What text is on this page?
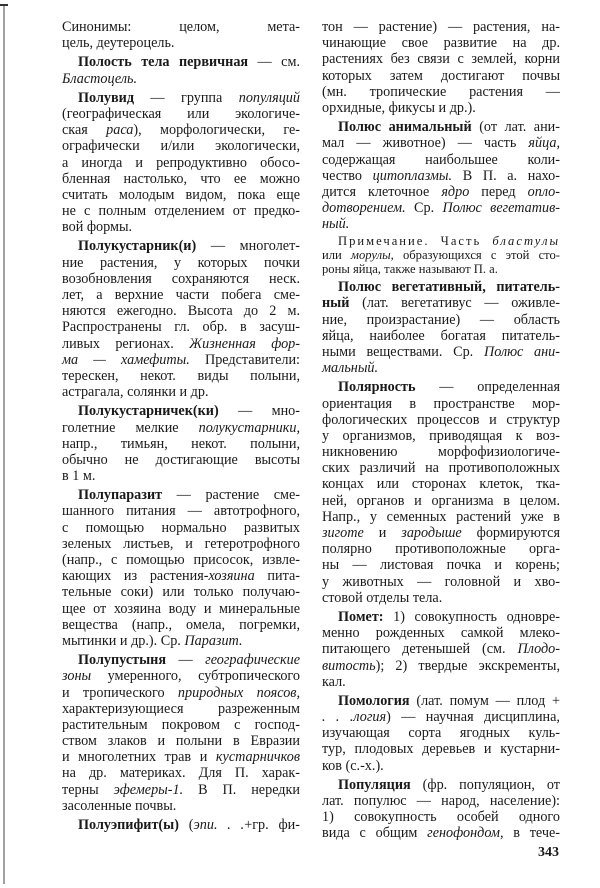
Синонимы: целом, мета-
цель, деутероцель.
Полость тела первичная — см.
Бластоцель.
Полувид — группа популяций
(географическая или экологиче-
ская раса), морфологически, ге-
ографически и/или экологически,
а иногда и репродуктивно обосо-
бленная настолько, что ее можно
считать молодым видом, пока еще
не с полным отделением от предко-
вой формы.
Полукустарник(и) — многолет-
ние растения, у которых почки
возобновления сохраняются неск.
лет, а верхние части побега сме-
няются ежегодно. Высота до 2 м.
Распространены гл. обр. в засуш-
ливых регионах. Жизненная фор-
ма — хамефиты. Представители:
терескен, некот. виды полыни,
астрагала, солянки и др.
Полукустарничек(ки) — мно-
голетние мелкие полукустарники,
напр., тимьян, некот. полыни,
обычно не достигающие высоты
в 1 м.
Полупаразит — растение сме-
шанного питания — автотрофного,
с помощью нормально развитых
зеленых листьев, и гетеротрофного
(напр., с помощью присосок, извле-
кающих из растения-хозяина пита-
тельные соки) или только получаю-
щее от хозяина воду и минеральные
вещества (напр., омела, погремки,
мытинки и др.). Ср. Паразит.
Полупустыня — географические
зоны умеренного, субтропического
и тропического природных поясов,
характеризующиеся разреженным
растительным покровом с господ-
ством злаков и полыни в Евразии
и многолетних трав и кустарничков
на др. материках. Для П. харак-
терны эфемеры-1. В П. нередки
засоленные почвы.
Полуэпифит(ы) (эпи. . .+гр. фи-
тон — растение) — растения, на-
чинающие свое развитие на др.
растениях без связи с землей, корни
которых затем достигают почвы
(мн. тропические растения —
орхидные, фикусы и др.).
Полюс анимальный (от лат. ани-
мал — животное) — часть яйца,
содержащая наибольшее коли-
чество цитоплазмы. В П. а. нахо-
дится клеточное ядро перед опло-
дотворением. Ср. Полюс вегетатив-
ный.
Примечание. Часть бластулы
или морулы, образующихся с этой сто-
роны яйца, также называют П. а.
Полюс вегетативный, питатель-
ный (лат. вегетативус — оживле-
ние, произрастание) — область
яйца, наиболее богатая питатель-
ными веществами. Ср. Полюс ани-
мальный.
Полярность — определенная
ориентация в пространстве мор-
фологических процессов и структур
у организмов, приводящая к воз-
никновению морфофизиологиче-
ских различий на противоположных
концах или сторонах клеток, тка-
ней, органов и организма в целом.
Напр., у семенных растений уже в
зиготе и зародыше формируются
полярно противоположные орга-
ны — листовая почка и корень;
у животных — головной и хво-
стовой отделы тела.
Помет: 1) совокупность одновре-
менно рожденных самкой млеко-
питающего детенышей (см. Плодо-
витость); 2) твердые экскременты,
кал.
Помология (лат. помум — плод +
. . .логия) — научная дисциплина,
изучающая сорта ягодных куль-
тур, плодовых деревьев и кустарни-
ков (с.-х.).
Популяция (фр. популяцион, от
лат. популюс — народ, население):
1) совокупность особей одного
вида с общим генофондом, в тече-
343
